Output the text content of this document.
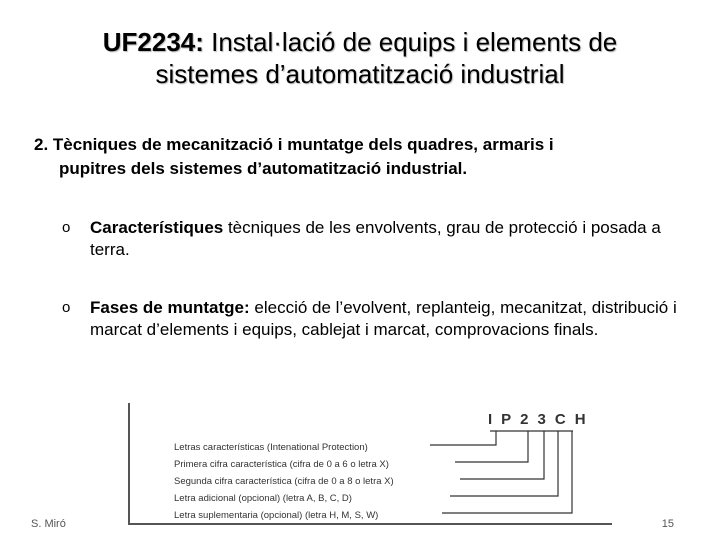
UF2234: Instal·lació de equips i elements de
sistemes d’automatització industrial
2. Tècniques de mecanització i muntatge dels quadres, armaris i
pupitres dels sistemes d’automatització industrial.
o Característiques tècniques de les envolvents, grau de protecció i posada a terra.
o Fases de muntatge: elecció de l’evolvent, replanteig, mecanitzat, distribució i marcat d’elements i equips, cablejat i marcat, comprovacions finals.
IP23CH
Letras características (Intenational Protection)
Primera cifra característica (cifra de 0 a 6 o letra X)
Segunda cifra característica (cifra de 0 a 8 o letra X)
Letra adicional (opcional) (letra A, B, C, D)
Letra suplementaria (opcional) (letra H, M, S, W)
S. Miró	15
